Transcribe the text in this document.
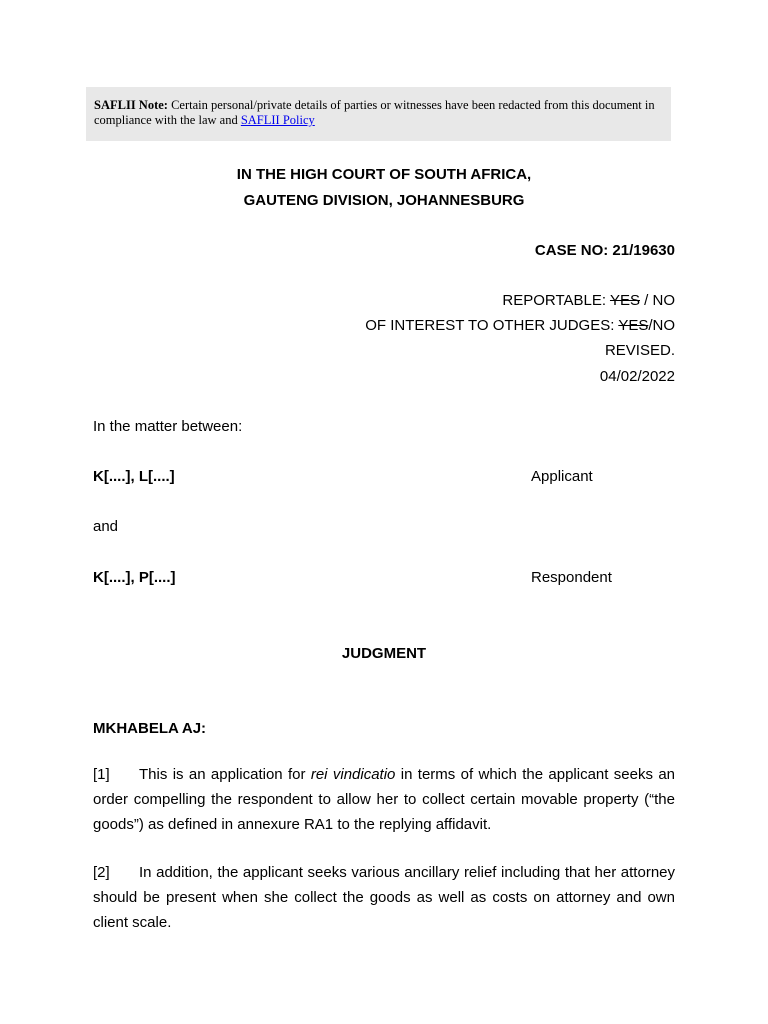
SAFLII Note: Certain personal/private details of parties or witnesses have been redacted from this document in compliance with the law and SAFLII Policy
IN THE HIGH COURT OF SOUTH AFRICA,
GAUTENG DIVISION, JOHANNESBURG
CASE NO: 21/19630
REPORTABLE: YES / NO
OF INTEREST TO OTHER JUDGES: YES/NO
REVISED.
04/02/2022
In the matter between:
K[....], L[....]	Applicant
and
K[....], P[....]	Respondent
JUDGMENT
MKHABELA AJ:
[1] This is an application for rei vindicatio in terms of which the applicant seeks an order compelling the respondent to allow her to collect certain movable property (“the goods”) as defined in annexure RA1 to the replying affidavit.
[2] In addition, the applicant seeks various ancillary relief including that her attorney should be present when she collect the goods as well as costs on attorney and own client scale.
